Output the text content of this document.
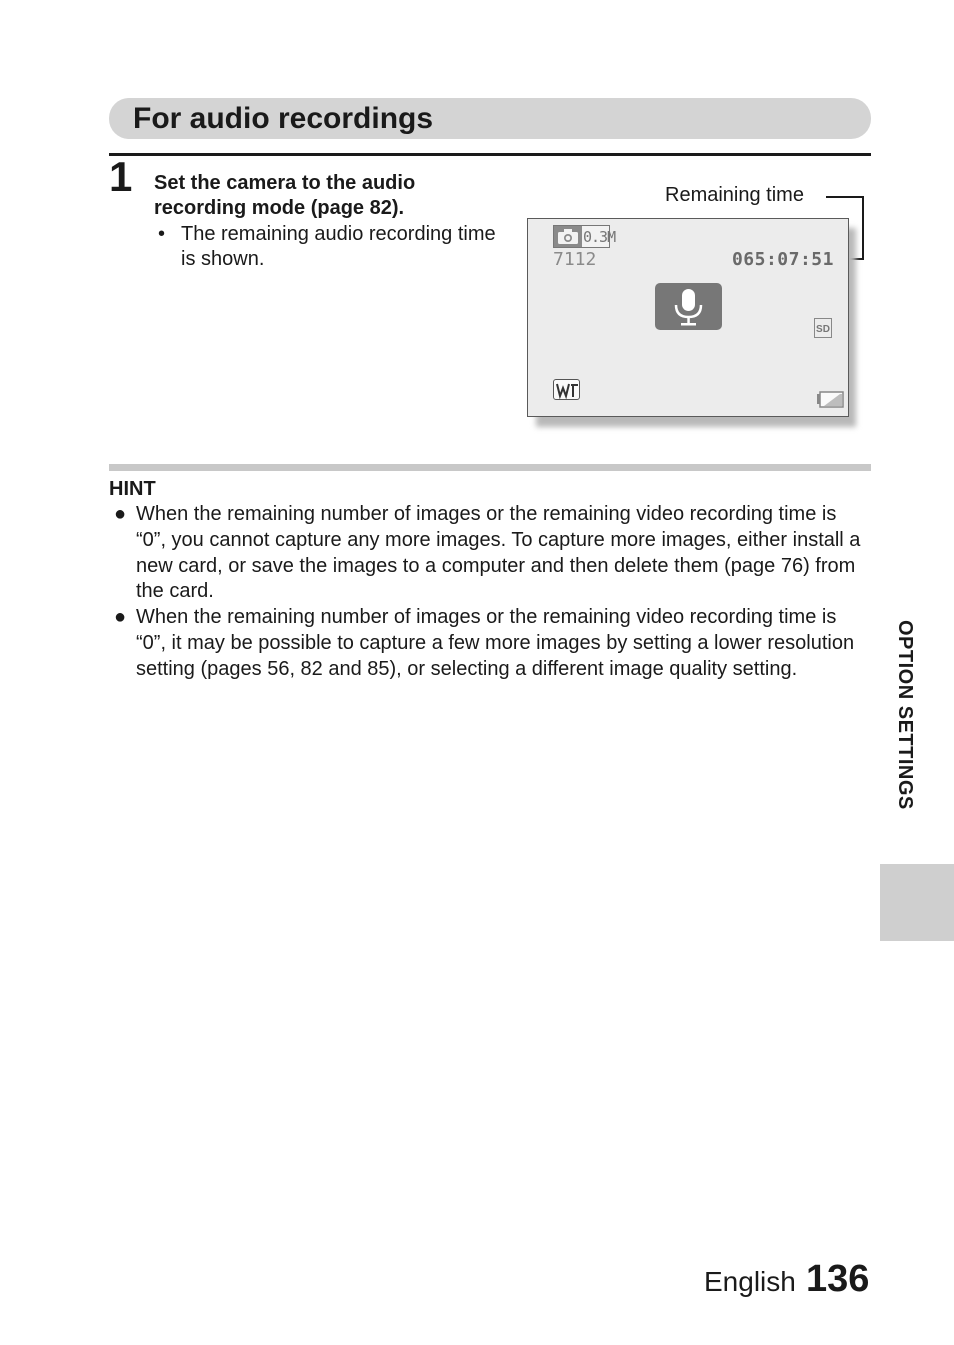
For audio recordings
1 Set the camera to the audio recording mode (page 82).
• The remaining audio recording time is shown.
Remaining time
0.3M
7112	065:07:51
SD
HINT
● When the remaining number of images or the remaining video recording time is “0”, you cannot capture any more images. To capture more images, either install a new card, or save the images to a computer and then delete them (page 76) from the card.
● When the remaining number of images or the remaining video recording time is “0”, it may be possible to capture a few more images by setting a lower resolution setting (pages 56, 82 and 85), or selecting a different image quality setting.	OPTION SETTINGS
English 136
